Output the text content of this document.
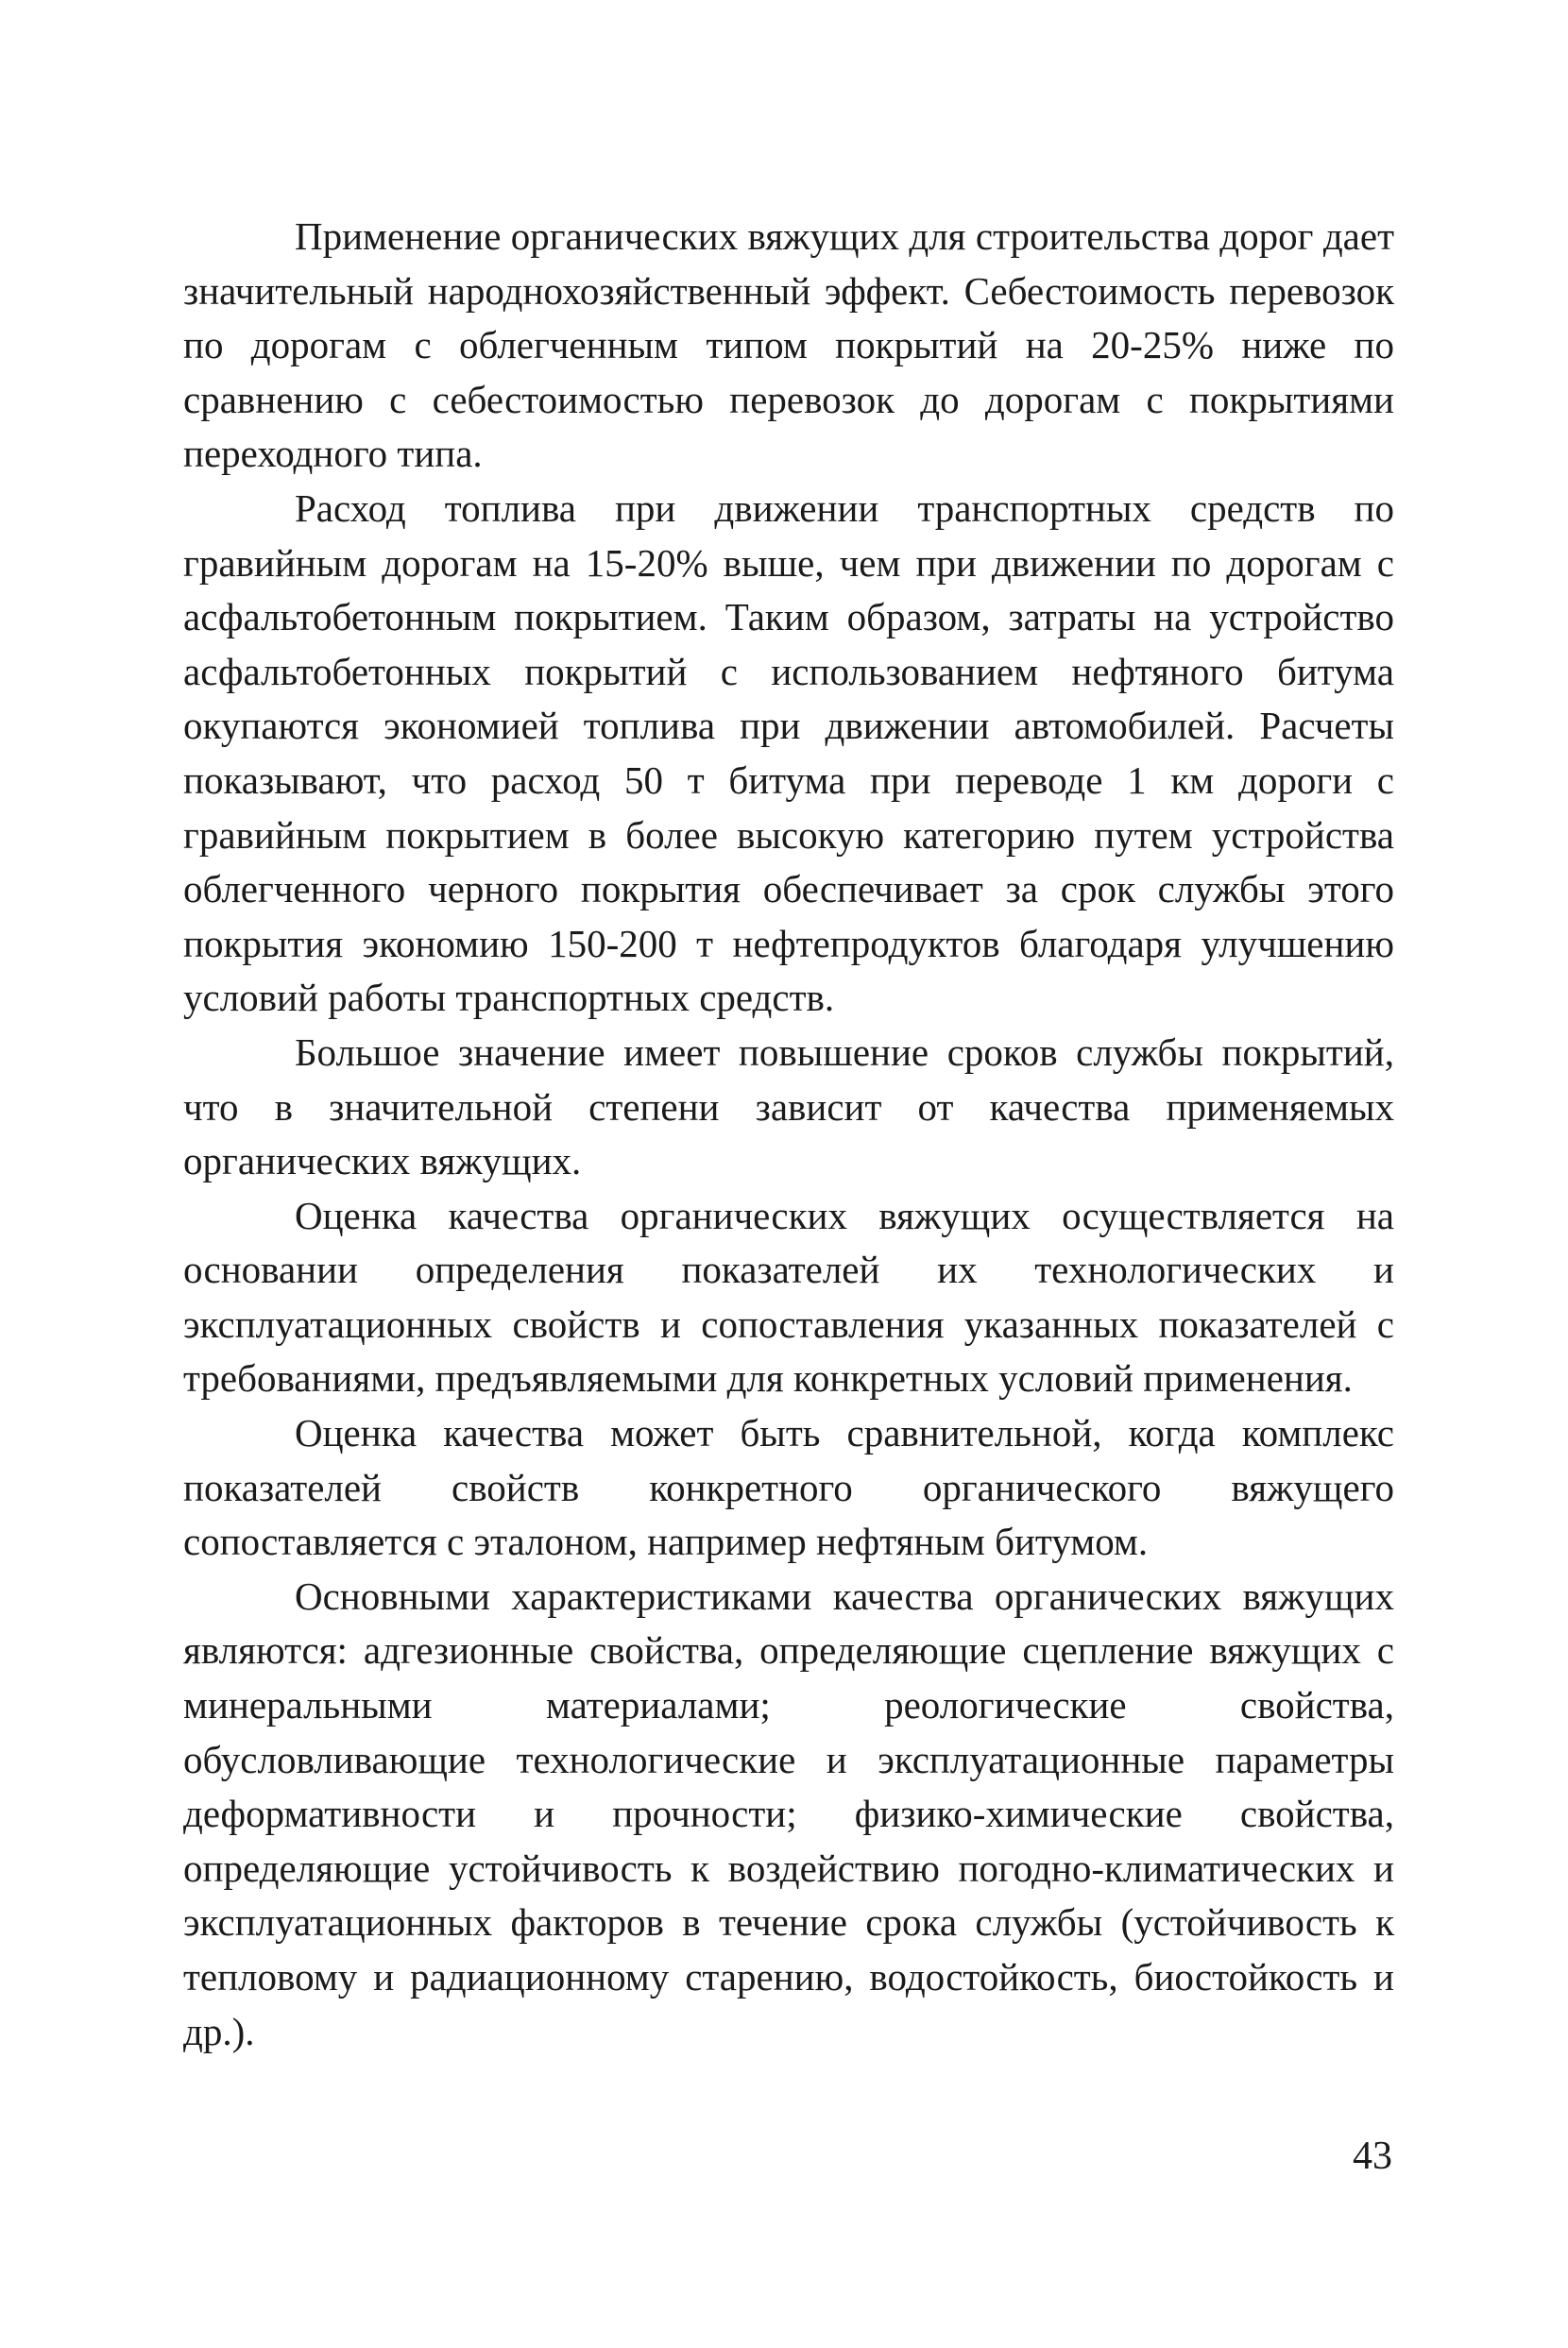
Применение органических вяжущих для строительства дорог дает значительный народнохозяйственный эффект. Себестоимость перевозок по дорогам с облегченным типом покрытий на 20-25% ниже по сравнению с себестоимостью перевозок до дорогам с покрытиями переходного типа.

Расход топлива при движении транспортных средств по гравийным дорогам на 15-20% выше, чем при движении по дорогам с асфальтобетонным покрытием. Таким образом, затраты на устройство асфальтобетонных покрытий с использованием нефтяного битума окупаются экономией топлива при движении автомобилей. Расчеты показывают, что расход 50 т битума при переводе 1 км дороги с гравийным покрытием в более высокую категорию путем устройства облегченного черного покрытия обеспечивает за срок службы этого покрытия экономию 150-200 т нефтепродуктов благодаря улучшению условий работы транспортных средств.

Большое значение имеет повышение сроков службы покрытий, что в значительной степени зависит от качества применяемых органических вяжущих.

Оценка качества органических вяжущих осуществляется на основании определения показателей их технологических и эксплуатационных свойств и сопоставления указанных показателей с требованиями, предъявляемыми для конкретных условий применения.

Оценка качества может быть сравнительной, когда комплекс показателей свойств конкретного органического вяжущего сопоставляется с эталоном, например нефтяным битумом.

Основными характеристиками качества органических вяжущих являются: адгезионные свойства, определяющие сцепление вяжущих с минеральными материалами; реологические свойства, обусловливающие технологические и эксплуатационные параметры деформативности и прочности; физико-химические свойства, определяющие устойчивость к воздействию погодно-климатических и эксплуатационных факторов в течение срока службы (устойчивость к тепловому и радиационному старению, водостойкость, биостойкость и др.).

43
